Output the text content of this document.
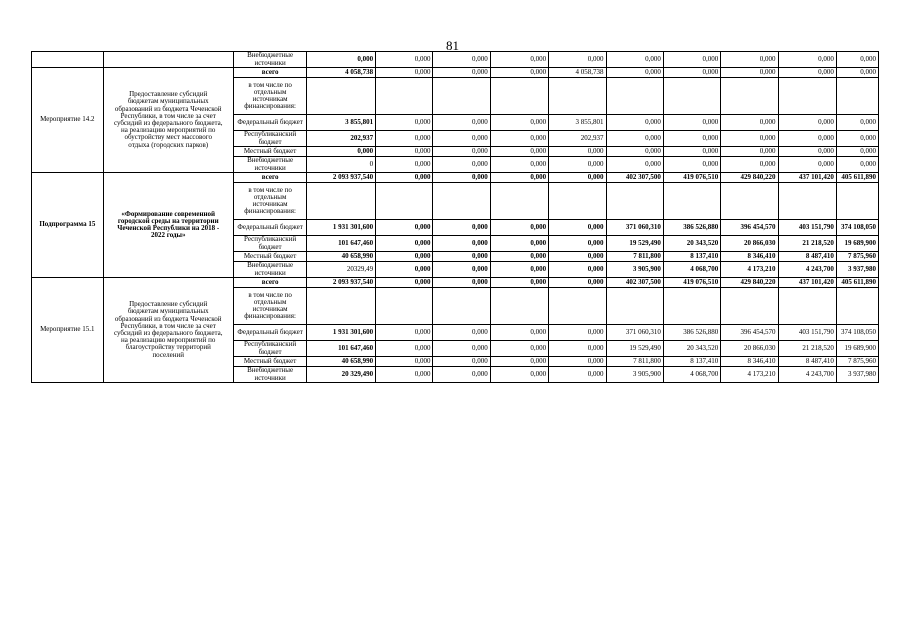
81
		Внебюджетные источники	0,000	0,000	0,000	0,000	0,000	0,000	0,000	0,000	0,000	0,000
Мероприятие 14.2	Предоставление субсидий бюджетам муниципальных образований из бюджета Чеченской Республики, в том числе за счет субсидий из федерального бюджета, на реализацию мероприятий по обустройству мест массового отдыха (городских парков)	всего	4 058,738	0,000	0,000	0,000	4 058,738	0,000	0,000	0,000	0,000	0,000
		в том числе по отдельным источникам финансирования:										
		Федеральный бюджет	3 855,801	0,000	0,000	0,000	3 855,801	0,000	0,000	0,000	0,000	0,000
		Республиканский бюджет	202,937	0,000	0,000	0,000	202,937	0,000	0,000	0,000	0,000	0,000
		Местный бюджет	0,000	0,000	0,000	0,000	0,000	0,000	0,000	0,000	0,000	0,000
		Внебюджетные источники	0	0,000	0,000	0,000	0,000	0,000	0,000	0,000	0,000	0,000
Подпрограмма 15	«Формирование современной городской среды на территории Чеченской Республики на 2018 - 2022 годы»	всего	2 093 937,540	0,000	0,000	0,000	0,000	402 307,500	419 076,510	429 840,220	437 101,420	405 611,890
		в том числе по отдельным источникам финансирования:										
		Федеральный бюджет	1 931 301,600	0,000	0,000	0,000	0,000	371 060,310	386 526,880	396 454,570	403 151,790	374 108,050
		Республиканский бюджет	101 647,460	0,000	0,000	0,000	0,000	19 529,490	20 343,520	20 866,030	21 218,520	19 689,900
		Местный бюджет	40 658,990	0,000	0,000	0,000	0,000	7 811,800	8 137,410	8 346,410	8 487,410	7 875,960
		Внебюджетные источники	20329,49	0,000	0,000	0,000	0,000	3 905,900	4 068,700	4 173,210	4 243,700	3 937,980
Мероприятие 15.1	Предоставление субсидий бюджетам муниципальных образований из бюджета Чеченской Республики, в том числе за счет субсидий из федерального бюджета, на реализацию мероприятий по благоустройству территорий поселений	всего	2 093 937,540	0,000	0,000	0,000	0,000	402 307,500	419 076,510	429 840,220	437 101,420	405 611,890
		в том числе по отдельным источникам финансирования:										
		Федеральный бюджет	1 931 301,600	0,000	0,000	0,000	0,000	371 060,310	386 526,880	396 454,570	403 151,790	374 108,050
		Республиканский бюджет	101 647,460	0,000	0,000	0,000	0,000	19 529,490	20 343,520	20 866,030	21 218,520	19 689,900
		Местный бюджет	40 658,990	0,000	0,000	0,000	0,000	7 811,800	8 137,410	8 346,410	8 487,410	7 875,960
		Внебюджетные источники	20 329,490	0,000	0,000	0,000	0,000	3 905,900	4 068,700	4 173,210	4 243,700	3 937,980
